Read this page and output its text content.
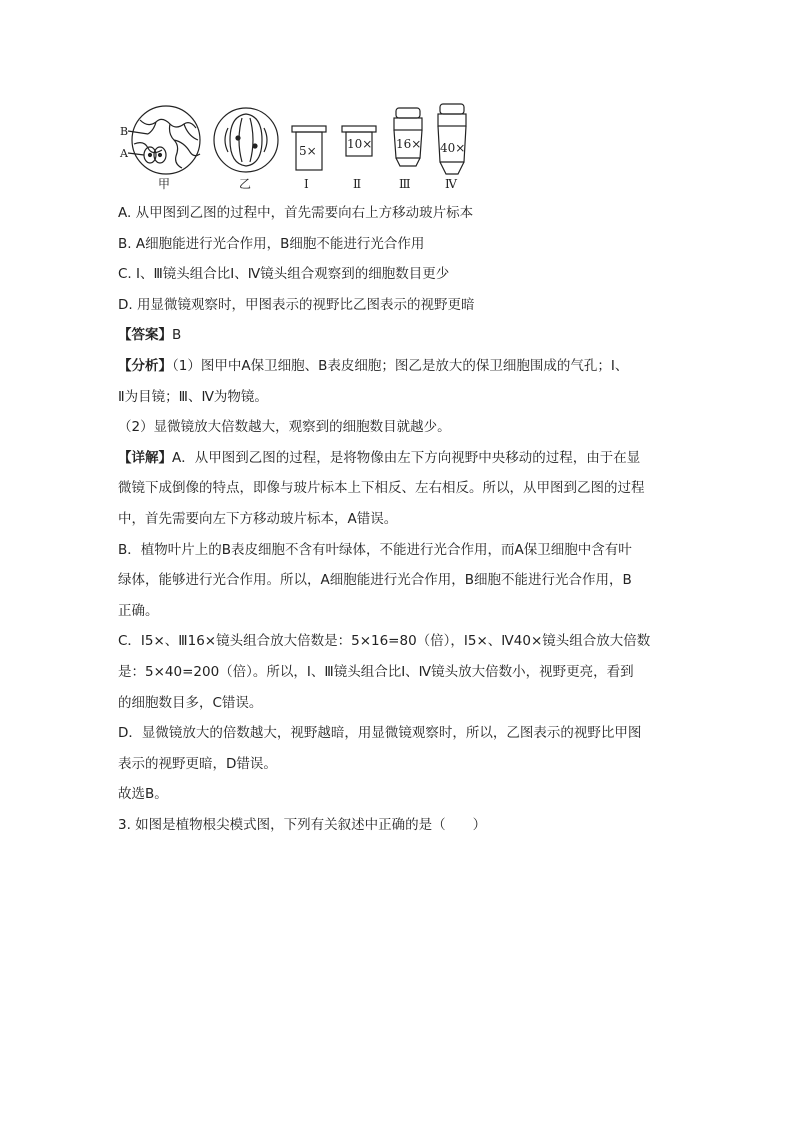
B
A
甲	乙
5×
Ⅰ
10×
Ⅱ
16×
Ⅲ
40×
Ⅳ
A. 从甲图到乙图的过程中，首先需要向右上方移动玻片标本
B. A细胞能进行光合作用，B细胞不能进行光合作用
C. Ⅰ、Ⅲ镜头组合比Ⅰ、Ⅳ镜头组合观察到的细胞数目更少
D. 用显微镜观察时，甲图表示的视野比乙图表示的视野更暗
【答案】B
【分析】（1）图甲中A保卫细胞、B表皮细胞；图乙是放大的保卫细胞围成的气孔；Ⅰ、
Ⅱ为目镜；Ⅲ、Ⅳ为物镜。
（2）显微镜放大倍数越大，观察到的细胞数目就越少。
【详解】A．从甲图到乙图的过程，是将物像由左下方向视野中央移动的过程，由于在显
微镜下成倒像的特点，即像与玻片标本上下相反、左右相反。所以，从甲图到乙图的过程
中，首先需要向左下方移动玻片标本，A错误。
B．植物叶片上的B表皮细胞不含有叶绿体，不能进行光合作用，而A保卫细胞中含有叶
绿体，能够进行光合作用。所以，A细胞能进行光合作用，B细胞不能进行光合作用，B
正确。
C．Ⅰ5×、Ⅲ16×镜头组合放大倍数是：5×16=80（倍），Ⅰ5×、Ⅳ40×镜头组合放大倍数
是：5×40=200（倍）。所以，Ⅰ、Ⅲ镜头组合比Ⅰ、Ⅳ镜头放大倍数小，视野更亮，看到
的细胞数目多，C错误。
D．显微镜放大的倍数越大，视野越暗，用显微镜观察时，所以，乙图表示的视野比甲图
表示的视野更暗，D错误。
故选B。
3. 如图是植物根尖模式图，下列有关叙述中正确的是（　　）
